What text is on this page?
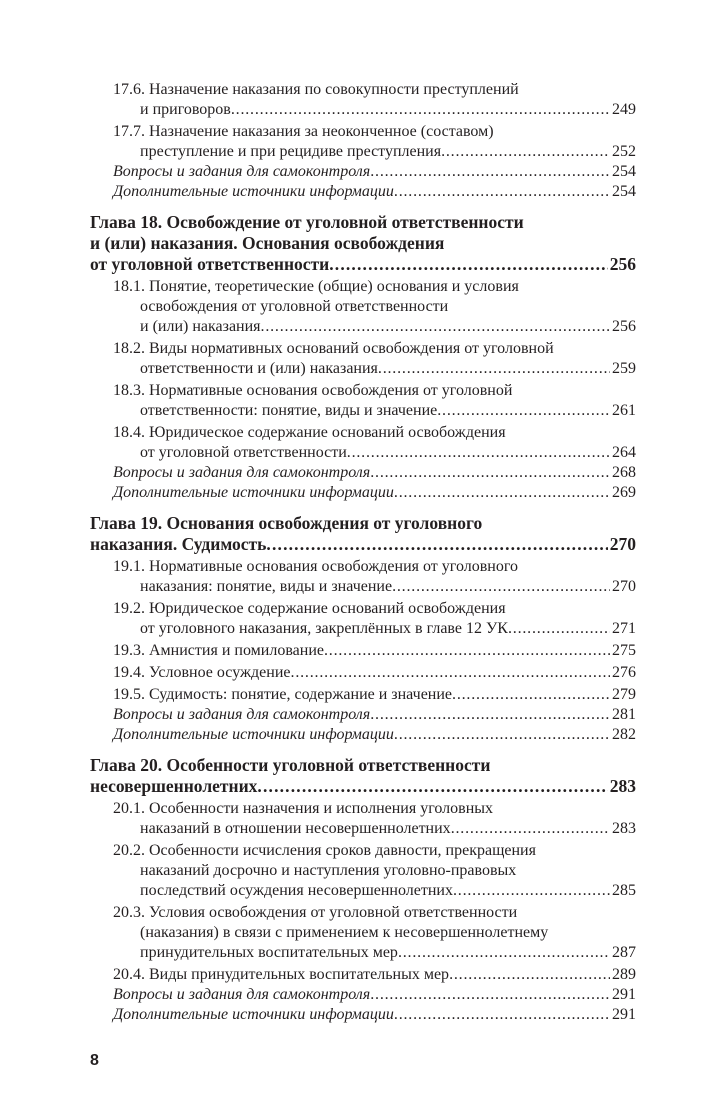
17.6. Назначение наказания по совокупности преступлений
и приговоров . . .	249
17.7. Назначение наказания за неоконченное (составом)
преступление и при рецидиве преступления . . .	252
Вопросы и задания для самоконтроля . . .	254
Дополнительные источники информации . . .	254
Глава 18. Освобождение от уголовной ответственности
и (или) наказания. Основания освобождения
от уголовной ответственности . . .	256
18.1. Понятие, теоретические (общие) основания и условия
освобождения от уголовной ответственности
и (или) наказания . . .	256
18.2. Виды нормативных оснований освобождения от уголовной
ответственности и (или) наказания . . .	259
18.3. Нормативные основания освобождения от уголовной
ответственности: понятие, виды и значение . . .	261
18.4. Юридическое содержание оснований освобождения
от уголовной ответственности . . .	264
Вопросы и задания для самоконтроля . . .	268
Дополнительные источники информации . . .	269
Глава 19. Основания освобождения от уголовного
наказания. Судимость . . .	270
19.1. Нормативные основания освобождения от уголовного
наказания: понятие, виды и значение . . .	270
19.2. Юридическое содержание оснований освобождения
от уголовного наказания, закреплённых в главе 12 УК . . .	271
19.3. Амнистия и помилование . . .	275
19.4. Условное осуждение . . .	276
19.5. Судимость: понятие, содержание и значение . . .	279
Вопросы и задания для самоконтроля . . .	281
Дополнительные источники информации . . .	282
Глава 20. Особенности уголовной ответственности
несовершеннолетних . . .	283
20.1. Особенности назначения и исполнения уголовных
наказаний в отношении несовершеннолетних . . .	283
20.2. Особенности исчисления сроков давности, прекращения
наказаний досрочно и наступления уголовно-правовых
последствий осуждения несовершеннолетних . . .	285
20.3. Условия освобождения от уголовной ответственности
(наказания) в связи с применением к несовершеннолетнему
принудительных воспитательных мер . . .	287
20.4. Виды принудительных воспитательных мер . . .	289
Вопросы и задания для самоконтроля . . .	291
Дополнительные источники информации . . .	291
8
